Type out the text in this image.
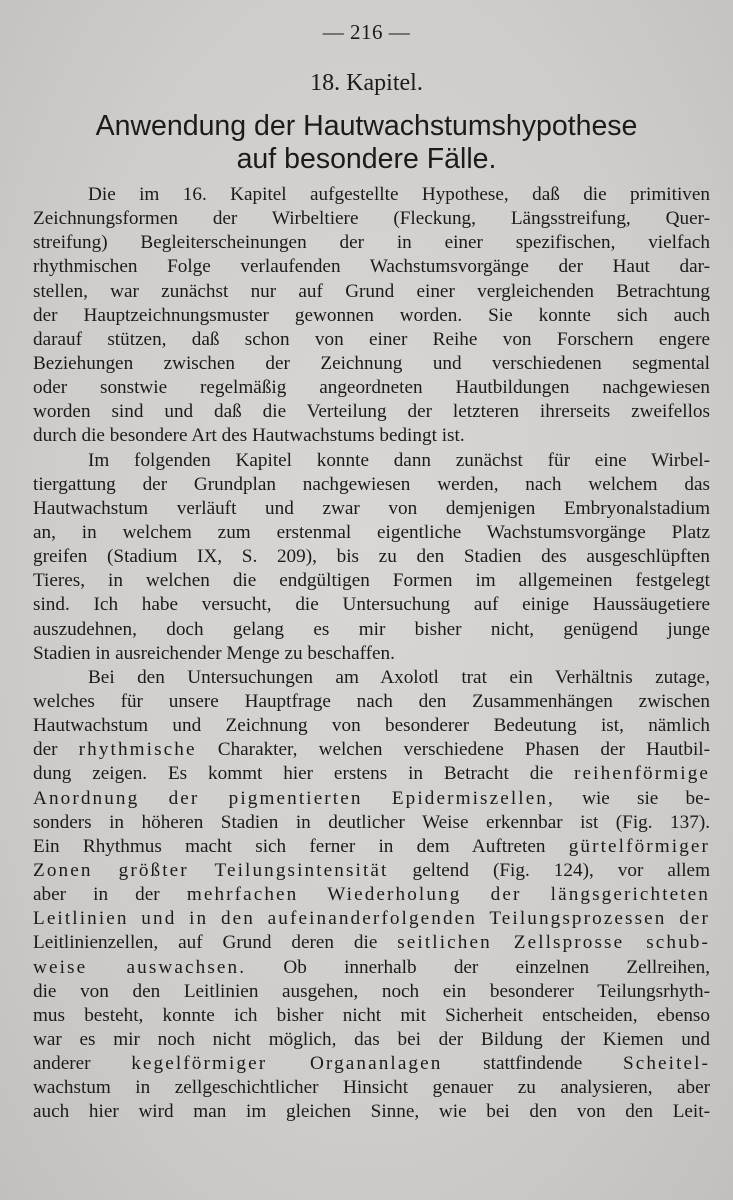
— 216 —
18. Kapitel.
Anwendung der Hautwachstumshypothese
auf besondere Fälle.
Die im 16. Kapitel aufgestellte Hypothese, daß die primitiven
Zeichnungsformen der Wirbeltiere (Fleckung, Längsstreifung, Quer-
streifung) Begleiterscheinungen der in einer spezifischen, vielfach
rhythmischen Folge verlaufenden Wachstumsvorgänge der Haut dar-
stellen, war zunächst nur auf Grund einer vergleichenden Betrachtung
der Hauptzeichnungsmuster gewonnen worden. Sie konnte sich auch
darauf stützen, daß schon von einer Reihe von Forschern engere
Beziehungen zwischen der Zeichnung und verschiedenen segmental
oder sonstwie regelmäßig angeordneten Hautbildungen nachgewiesen
worden sind und daß die Verteilung der letzteren ihrerseits zweifellos
durch die besondere Art des Hautwachstums bedingt ist.
Im folgenden Kapitel konnte dann zunächst für eine Wirbel-
tiergattung der Grundplan nachgewiesen werden, nach welchem das
Hautwachstum verläuft und zwar von demjenigen Embryonalstadium
an, in welchem zum erstenmal eigentliche Wachstumsvorgänge Platz
greifen (Stadium IX, S. 209), bis zu den Stadien des ausgeschlüpften
Tieres, in welchen die endgültigen Formen im allgemeinen festgelegt
sind. Ich habe versucht, die Untersuchung auf einige Haussäugetiere
auszudehnen, doch gelang es mir bisher nicht, genügend junge
Stadien in ausreichender Menge zu beschaffen.
Bei den Untersuchungen am Axolotl trat ein Verhältnis zutage,
welches für unsere Hauptfrage nach den Zusammenhängen zwischen
Hautwachstum und Zeichnung von besonderer Bedeutung ist, nämlich
der rhythmische Charakter, welchen verschiedene Phasen der Hautbil-
dung zeigen. Es kommt hier erstens in Betracht die reihenförmige
Anordnung der pigmentierten Epidermiszellen, wie sie be-
sonders in höheren Stadien in deutlicher Weise erkennbar ist (Fig. 137).
Ein Rhythmus macht sich ferner in dem Auftreten gürtelförmiger
Zonen größter Teilungsintensität geltend (Fig. 124), vor allem
aber in der mehrfachen Wiederholung der längsgerichteten
Leitlinien und in den aufeinanderfolgenden Teilungsprozessen der
Leitlinienzellen, auf Grund deren die seitlichen Zellsprosse schub-
weise auswachsen. Ob innerhalb der einzelnen Zellreihen,
die von den Leitlinien ausgehen, noch ein besonderer Teilungsrhyth-
mus besteht, konnte ich bisher nicht mit Sicherheit entscheiden, ebenso
war es mir noch nicht möglich, das bei der Bildung der Kiemen und
anderer kegelförmiger Organanlagen stattfindende Scheitel-
wachstum in zellgeschichtlicher Hinsicht genauer zu analysieren, aber
auch hier wird man im gleichen Sinne, wie bei den von den Leit-
